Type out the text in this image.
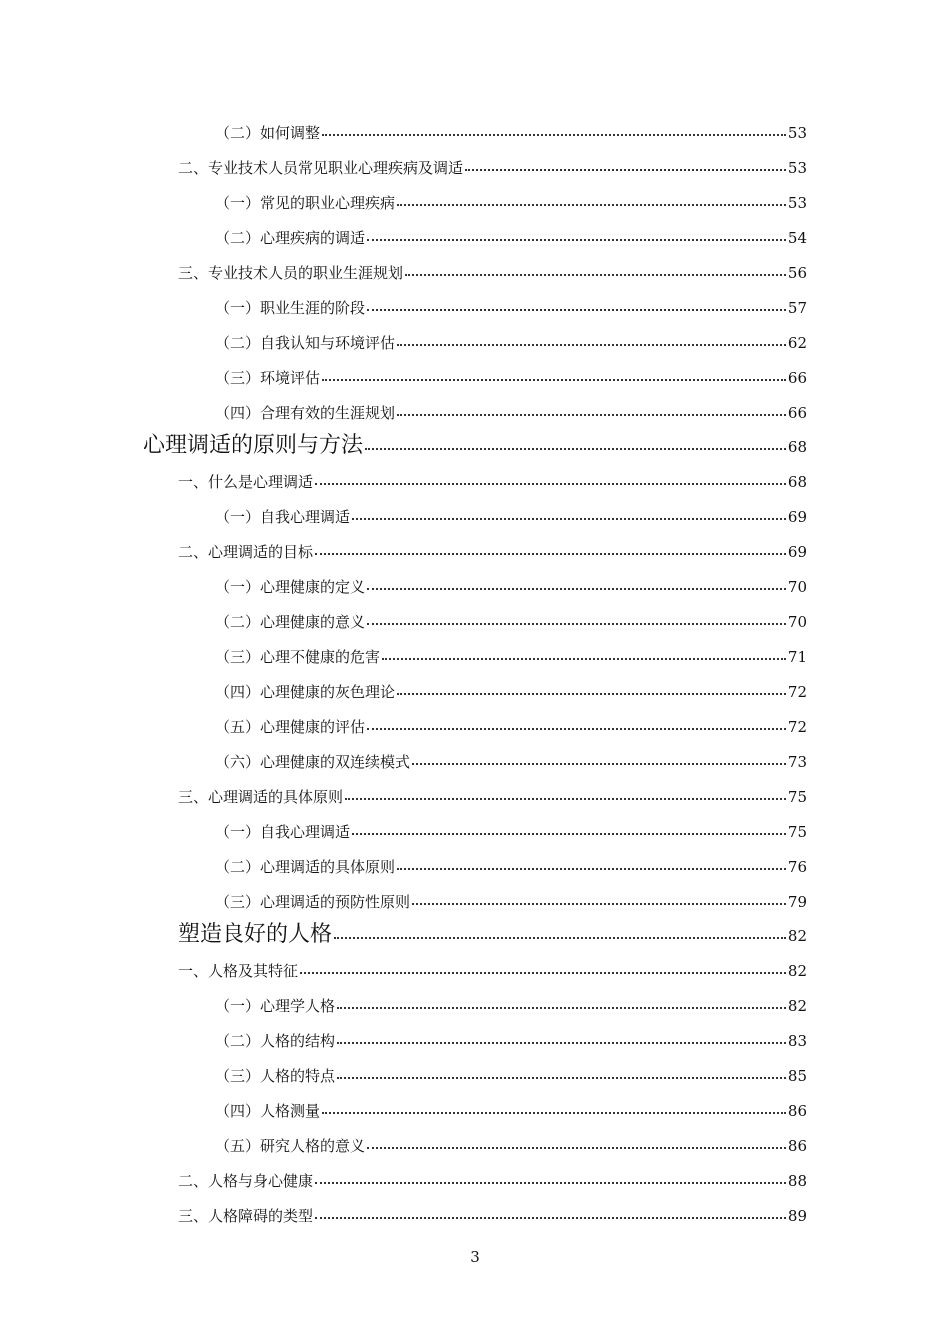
（二）如何调整	53
二、专业技术人员常见职业心理疾病及调适	53
（一）常见的职业心理疾病	53
（二）心理疾病的调适	54
三、专业技术人员的职业生涯规划	56
（一）职业生涯的阶段	57
（二）自我认知与环境评估	62
（三）环境评估	66
（四）合理有效的生涯规划	66
心理调适的原则与方法	68
一、什么是心理调适	68
（一）自我心理调适	69
二、心理调适的目标	69
（一）心理健康的定义	70
（二）心理健康的意义	70
（三）心理不健康的危害	71
（四）心理健康的灰色理论	72
（五）心理健康的评估	72
（六）心理健康的双连续模式	73
三、心理调适的具体原则	75
（一）自我心理调适	75
（二）心理调适的具体原则	76
（三）心理调适的预防性原则	79
塑造良好的人格	82
一、人格及其特征	82
（一）心理学人格	82
（二）人格的结构	83
（三）人格的特点	85
（四）人格测量	86
（五）研究人格的意义	86
二、人格与身心健康	88
三、人格障碍的类型	89
3
